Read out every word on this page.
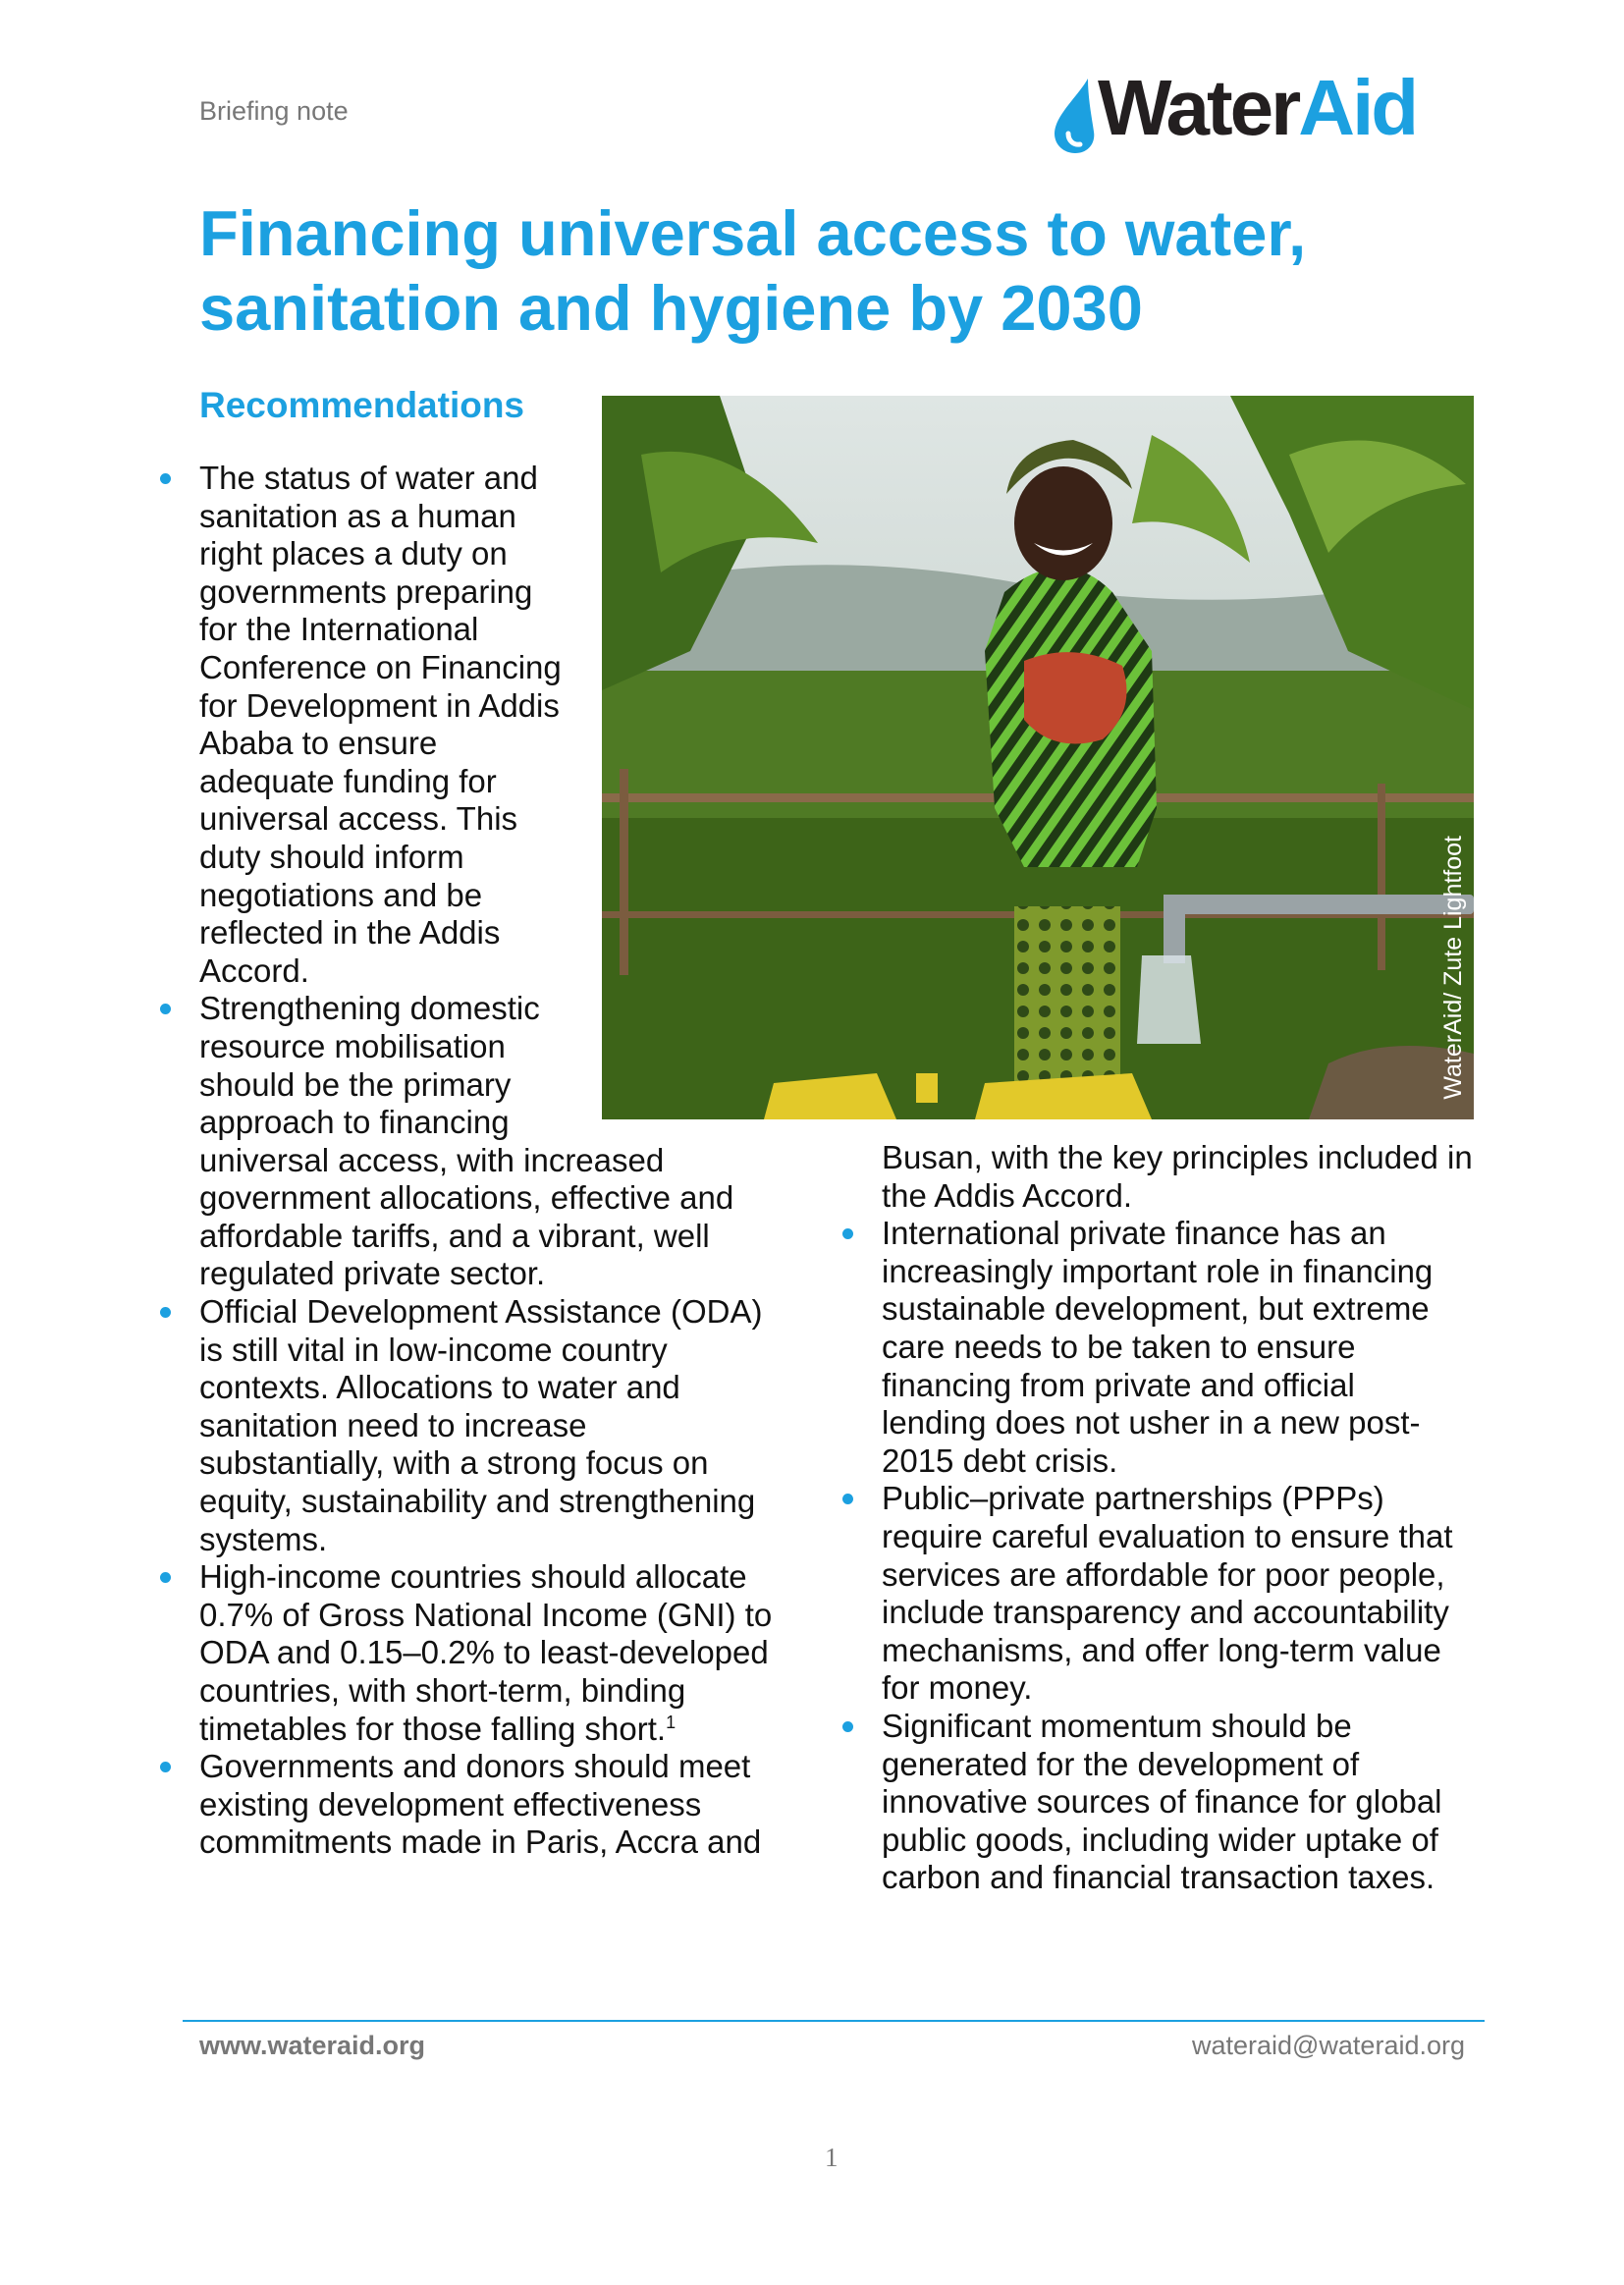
Briefing note	WaterAid
Financing universal access to water,
sanitation and hygiene by 2030
Recommendations
WaterAid/ Zute Lightfoot
The status of water and
sanitation as a human
right places a duty on
governments preparing
for the International
Conference on Financing
for Development in Addis
Ababa to ensure
adequate funding for
universal access. This
duty should inform
negotiations and be
reflected in the Addis
Accord.
Strengthening domestic
resource mobilisation
should be the primary
approach to financing
universal access, with increased
government allocations, effective and
affordable tariffs, and a vibrant, well
regulated private sector.
Official Development Assistance (ODA)
is still vital in low-income country
contexts. Allocations to water and
sanitation need to increase
substantially, with a strong focus on
equity, sustainability and strengthening
systems.
High-income countries should allocate
0.7% of Gross National Income (GNI) to
ODA and 0.15–0.2% to least-developed
countries, with short-term, binding
timetables for those falling short.$^1$
Governments and donors should meet
existing development effectiveness
commitments made in Paris, Accra and
Busan, with the key principles included in
the Addis Accord.
International private finance has an
increasingly important role in financing
sustainable development, but extreme
care needs to be taken to ensure
financing from private and official
lending does not usher in a new post-
2015 debt crisis.
Public–private partnerships (PPPs)
require careful evaluation to ensure that
services are affordable for poor people,
include transparency and accountability
mechanisms, and offer long-term value
for money.
Significant momentum should be
generated for the development of
innovative sources of finance for global
public goods, including wider uptake of
carbon and financial transaction taxes.
www.wateraid.org	wateraid@wateraid.org
1
